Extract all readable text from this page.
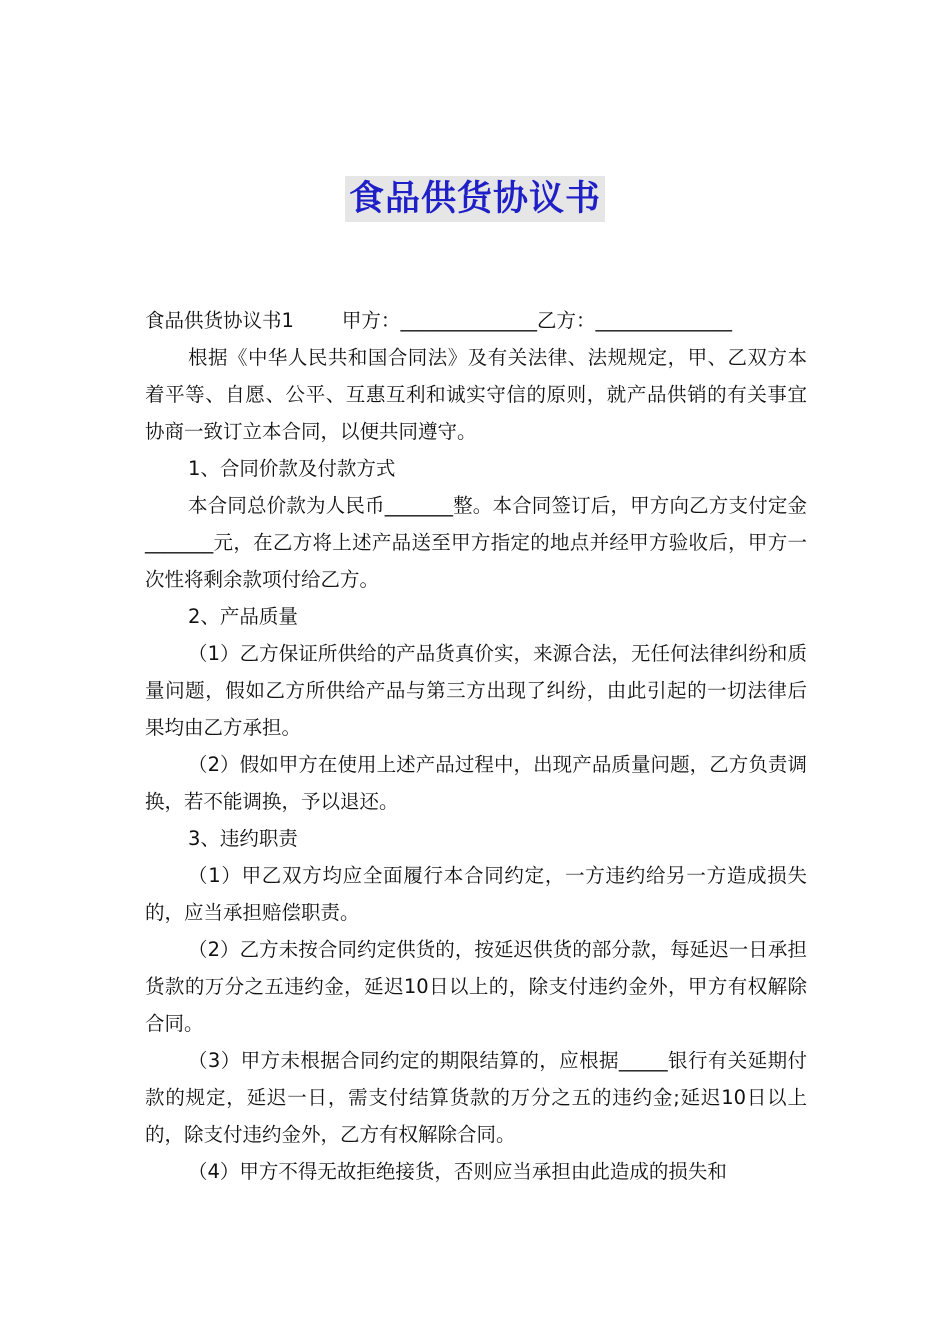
食品供货协议书

食品供货协议书1 甲方：______________乙方：______________

根据《中华人民共和国合同法》及有关法律、法规规定，甲、乙双方本着平等、自愿、公平、互惠互利和诚实守信的原则，就产品供销的有关事宜协商一致订立本合同，以便共同遵守。

1、合同价款及付款方式

本合同总价款为人民币_______整。本合同签订后，甲方向乙方支付定金_______元，在乙方将上述产品送至甲方指定的地点并经甲方验收后，甲方一次性将剩余款项付给乙方。

2、产品质量

（1）乙方保证所供给的产品货真价实，来源合法，无任何法律纠纷和质量问题，假如乙方所供给产品与第三方出现了纠纷，由此引起的一切法律后果均由乙方承担。

（2）假如甲方在使用上述产品过程中，出现产品质量问题，乙方负责调换，若不能调换，予以退还。

3、违约职责

（1）甲乙双方均应全面履行本合同约定，一方违约给另一方造成损失的，应当承担赔偿职责。

（2）乙方未按合同约定供货的，按延迟供货的部分款，每延迟一日承担货款的万分之五违约金，延迟10日以上的，除支付违约金外，甲方有权解除合同。

（3）甲方未根据合同约定的期限结算的，应根据_____银行有关延期付款的规定，延迟一日，需支付结算货款的万分之五的违约金;延迟10日以上的，除支付违约金外，乙方有权解除合同。

（4）甲方不得无故拒绝接货，否则应当承担由此造成的损失和
